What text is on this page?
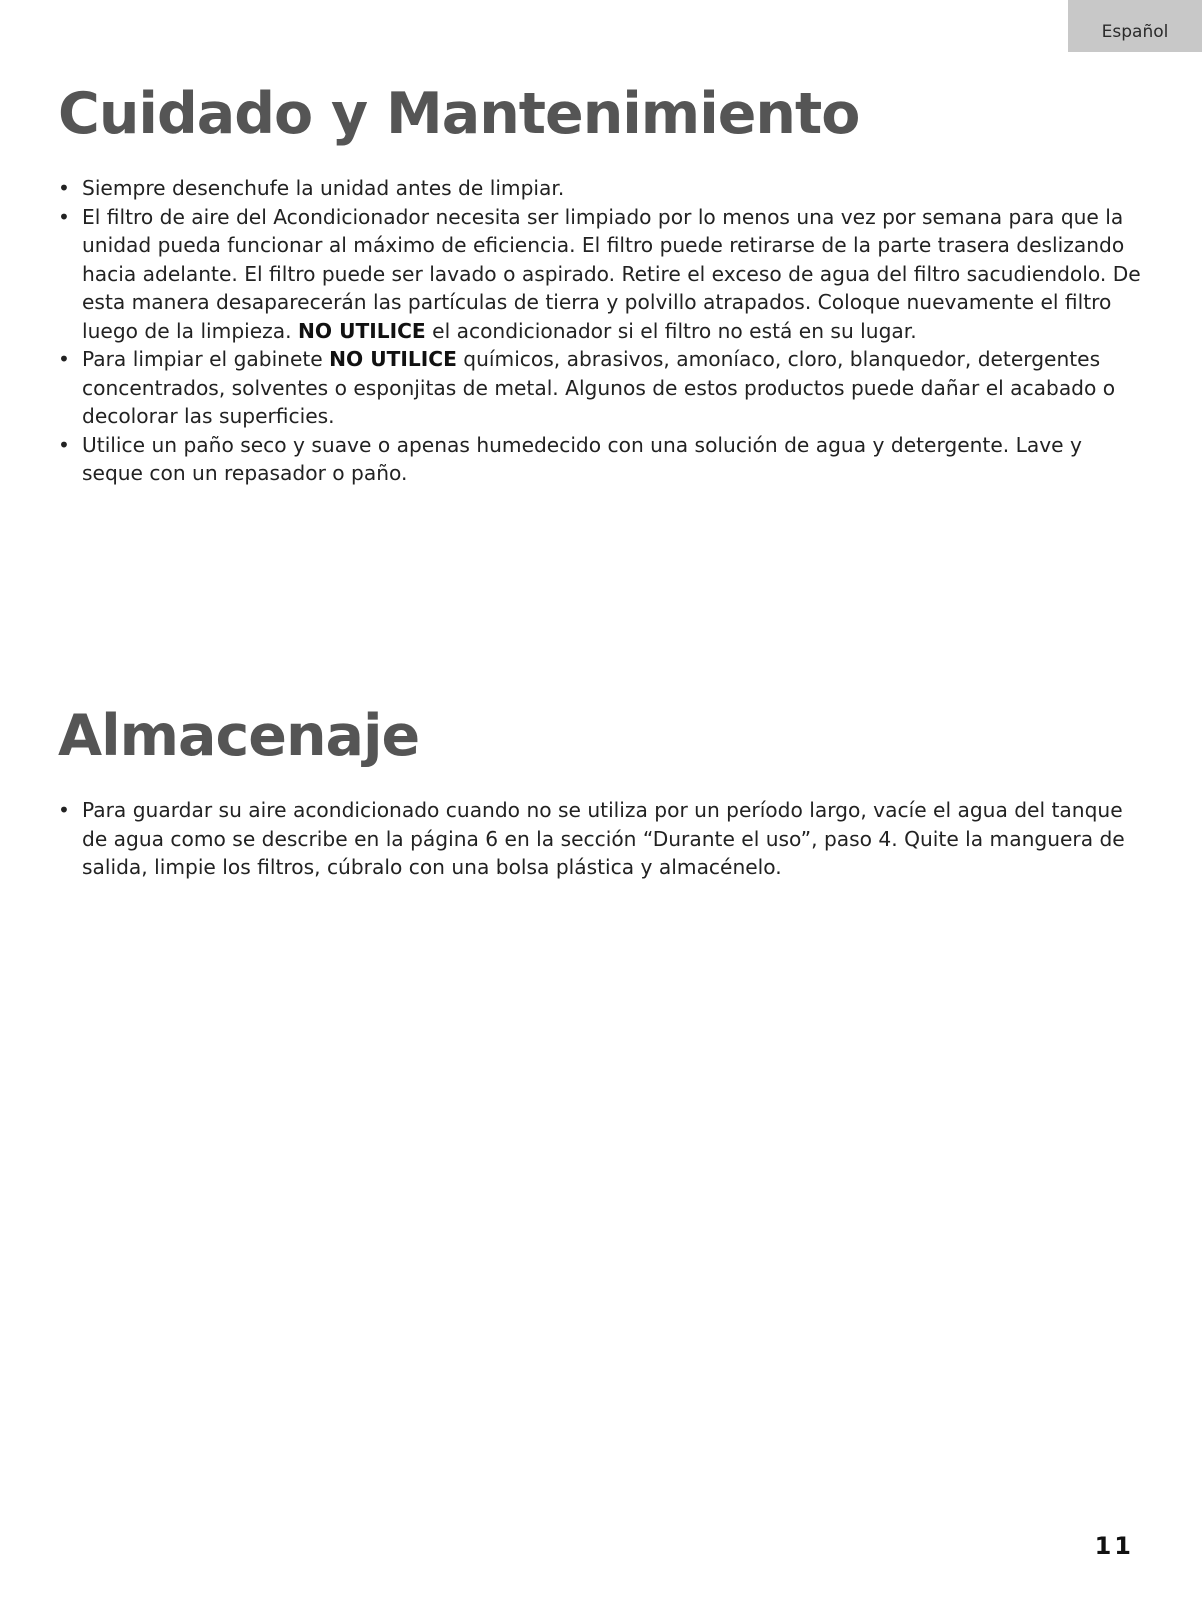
Español
Cuidado y Mantenimiento
• Siempre desenchufe la unidad antes de limpiar.
• El filtro de aire del Acondicionador necesita ser limpiado por lo menos una vez por semana para que la unidad pueda funcionar al máximo de eficiencia. El filtro puede retirarse de la parte trasera deslizando hacia adelante. El filtro puede ser lavado o aspirado. Retire el exceso de agua del filtro sacudiendolo. De esta manera desaparecerán las partículas de tierra y polvillo atrapados. Coloque nuevamente el filtro luego de la limpieza. NO UTILICE el acondicionador si el filtro no está en su lugar.
• Para limpiar el gabinete NO UTILICE químicos, abrasivos, amoníaco, cloro, blanquedor, detergentes concentrados, solventes o esponjitas de metal. Algunos de estos productos puede dañar el acabado o decolorar las superficies.
• Utilice un paño seco y suave o apenas humedecido con una solución de agua y detergente. Lave y seque con un repasador o paño.
Almacenaje
• Para guardar su aire acondicionado cuando no se utiliza por un período largo, vacíe el agua del tanque de agua como se describe en la página 6 en la sección “Durante el uso”, paso 4. Quite la manguera de salida, limpie los filtros, cúbralo con una bolsa plástica y almacénelo.
11
